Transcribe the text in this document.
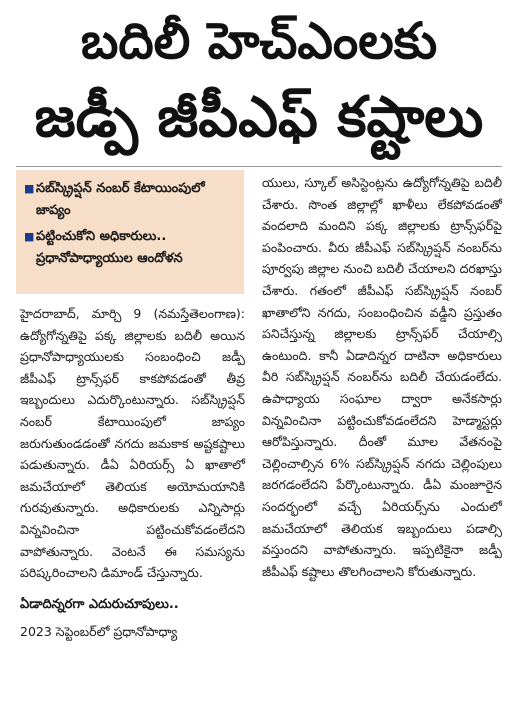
బదిలీ హెచ్ఎంలకు
జడ్పీ జీపీఎఫ్ కష్టాలు
■ సబ్‌స్క్రిప్షన్ నంబర్ కేటాయింపులో జాప్యం
■ పట్టించుకోని అధికారులు.. ప్రధానోపాధ్యాయుల ఆందోళన

హైదరాబాద్, మార్చి 9 (నమస్తేతెలంగాణ): ఉద్యోగోన్నతిపై పక్క జిల్లాలకు బదిలీ అయిన ప్రధానోపాధ్యాయులకు సంబంధించి జడ్పీ జీపీఎఫ్ ట్రాన్స్‌ఫర్ కాకపోవడంతో తీవ్ర ఇబ్బందులు ఎదుర్కొంటున్నారు. సబ్‌స్క్రిప్షన్ నంబర్ కేటాయింపులో జాప్యం జరుగుతుండడంతో నగదు జమకాక అష్టకష్టాలు పడుతున్నారు. డీఏ ఏరియర్స్ ఏ ఖాతాలో జమచేయాలో తెలియక అయోమయానికి గురవుతున్నారు. అధికారులకు ఎన్నిసార్లు విన్నవించినా పట్టించుకోవడంలేదని వాపోతున్నారు. వెంటనే ఈ సమస్యను పరిష్కరించాలని డిమాండ్ చేస్తున్నారు.

ఏడాదిన్నరగా ఎదురుచూపులు..

2023 సెప్టెంబర్‌లో ప్రధానోపాధ్యా

యులు, స్కూల్ అసిస్టెంట్లను ఉద్యోగోన్నతిపై బదిలీ చేశారు. సొంత జిల్లాల్లో ఖాళీలు లేకపోవడంతో వందలాది మందిని పక్క జిల్లాలకు ట్రాన్స్‌ఫర్‌పై పంపించారు. వీరు జీపీఎఫ్ సబ్‌స్క్రిప్షన్ నంబర్‌ను పూర్వపు జిల్లాల నుంచి బదిలీ చేయాలని దరఖాస్తు చేశారు. గతంలో జీపీఎఫ్ సబ్‌స్క్రిప్షన్ నంబర్ ఖాతాలోని నగదు, సంబంధించిన వడ్డీని ప్రస్తుతం పనిచేస్తున్న జిల్లాలకు ట్రాన్స్‌ఫర్ చేయాల్సి ఉంటుంది. కానీ ఏడాదిన్నర దాటినా అధికారులు వీరి సబ్‌స్క్రిప్షన్ నంబర్‌ను బదిలీ చేయడంలేదు. ఉపాధ్యాయ సంఘాల ద్వారా అనేకసార్లు విన్నవించినా పట్టించుకోవడంలేదని హెడ్మాస్టర్లు ఆరోపిస్తున్నారు. దీంతో మూల వేతనంపై చెల్లించాల్సిన 6% సబ్‌స్క్రిప్షన్ నగదు చెల్లింపులు జరగడంలేదని పేర్కొంటున్నారు. డీఏ మంజూరైన సందర్భంలో వచ్చే ఏరియర్స్‌ను ఎందులో జమచేయాలో తెలియక ఇబ్బందులు పడాల్సి వస్తుందని వాపోతున్నారు. ఇప్పటికైనా జడ్పీ జీపీఎఫ్ కష్టాలు తొలగించాలని కోరుతున్నారు.
